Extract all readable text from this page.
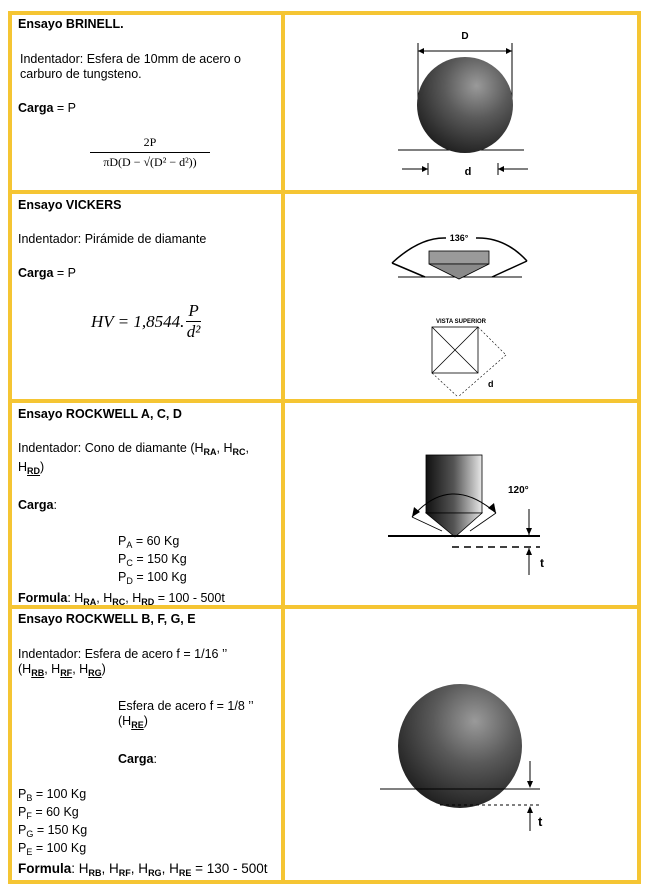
Ensayo BRINELL.

Indentador: Esfera de 10mm de acero o carburo de tungsteno.

Carga = P

$\frac{2P}{\text{πD(D − √(D² − d²))}}$
D
d

Ensayo VICKERS

Indentador: Pirámide de diamante

Carga = P

HV = 1,8544. $\frac{P}{\text{d²}}$
136°
VISTA SUPERIOR
d

Ensayo ROCKWELL A, C, D

Indentador: Cono de diamante ($H_{RA}$, $H_{RC}$, $H_{RD}$)

Carga:

$P_A = 60$ Kg

$P_C = 150$ Kg

$P_D = 100$ Kg

Formula: $H_{RA}$, $H_{RC}$, $H_{RD} = 100 - 500t$

120°
t

Ensayo ROCKWELL B, F, G, E

Indentador: Esfera de acero f = 1/16 ’’
($H_{RB}$, $H_{RF}$, $H_{RG}$)

Esfera de acero f = 1/8 ’’
$(H_{RE})$

Carga:

$P_B = 100$ Kg

$P_F = 60$ Kg

$P_G = 150$ Kg

$P_E = 100$ Kg

Formula: $H_{RB}$, $H_{RF}$, $H_{RG}$, $H_{RE} = 130 - 500t$

t
